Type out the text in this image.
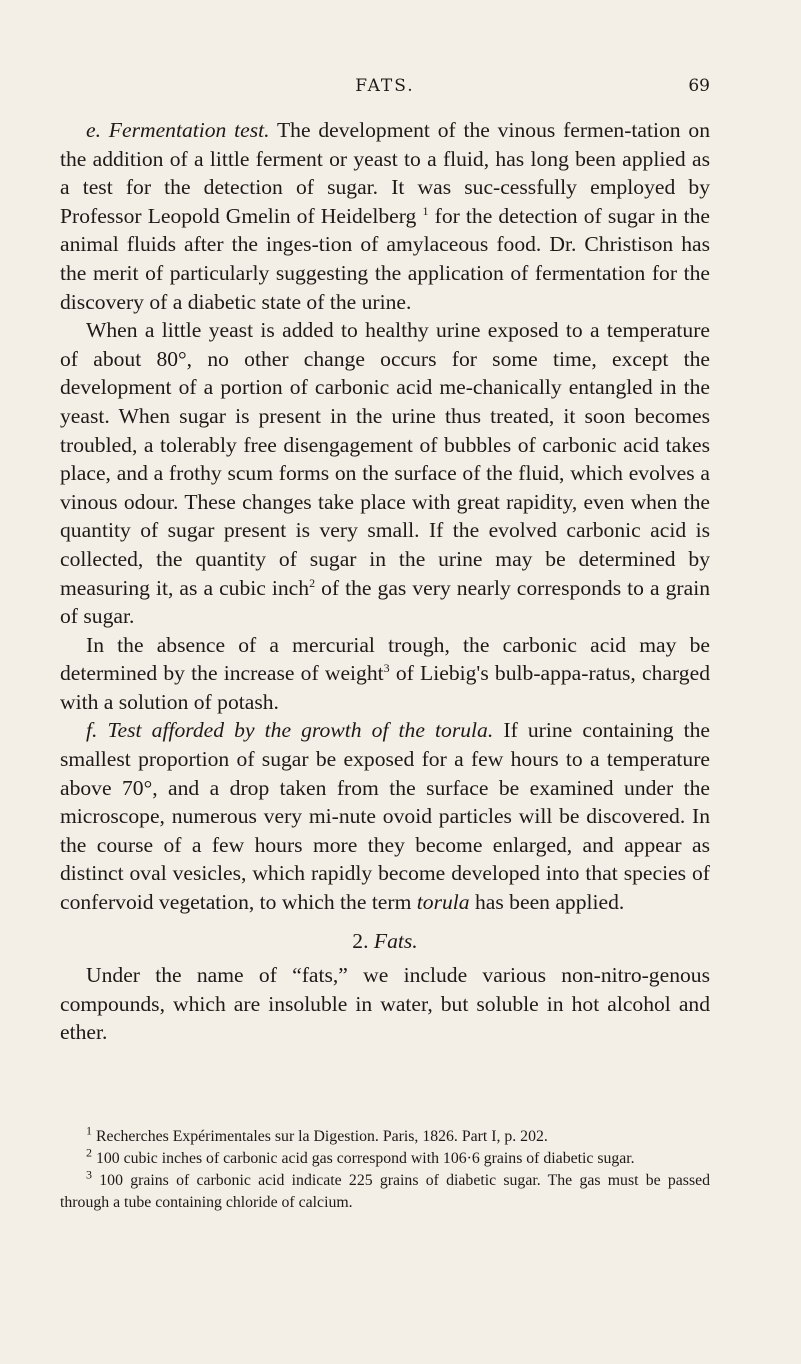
FATS.	69

e. Fermentation test. The development of the vinous fermen-tation on the addition of a little ferment or yeast to a fluid, has long been applied as a test for the detection of sugar. It was suc-cessfully employed by Professor Leopold Gmelin of Heidelberg $^1$ for the detection of sugar in the animal fluids after the inges-tion of amylaceous food. Dr. Christison has the merit of particularly suggesting the application of fermentation for the discovery of a diabetic state of the urine.

When a little yeast is added to healthy urine exposed to a temperature of about 80°, no other change occurs for some time, except the development of a portion of carbonic acid me-chanically entangled in the yeast. When sugar is present in the urine thus treated, it soon becomes troubled, a tolerably free disengagement of bubbles of carbonic acid takes place, and a frothy scum forms on the surface of the fluid, which evolves a vinous odour. These changes take place with great rapidity, even when the quantity of sugar present is very small. If the evolved carbonic acid is collected, the quantity of sugar in the urine may be determined by measuring it, as a cubic inch$^2$ of the gas very nearly corresponds to a grain of sugar.

In the absence of a mercurial trough, the carbonic acid may be determined by the increase of weight$^3$ of Liebig's bulb-appa-ratus, charged with a solution of potash.

f. Test afforded by the growth of the torula. If urine containing the smallest proportion of sugar be exposed for a few hours to a temperature above 70°, and a drop taken from the surface be examined under the microscope, numerous very mi-nute ovoid particles will be discovered. In the course of a few hours more they become enlarged, and appear as distinct oval vesicles, which rapidly become developed into that species of confervoid vegetation, to which the term torula has been applied.

2. Fats.

Under the name of “fats,” we include various non-nitro-genous compounds, which are insoluble in water, but soluble in hot alcohol and ether.

$^1$ Recherches Expérimentales sur la Digestion. Paris, 1826. Part I, p. 202.

$^2$ 100 cubic inches of carbonic acid gas correspond with 106·6 grains of diabetic sugar.

$^3$ 100 grains of carbonic acid indicate 225 grains of diabetic sugar. The gas must be passed through a tube containing chloride of calcium.
